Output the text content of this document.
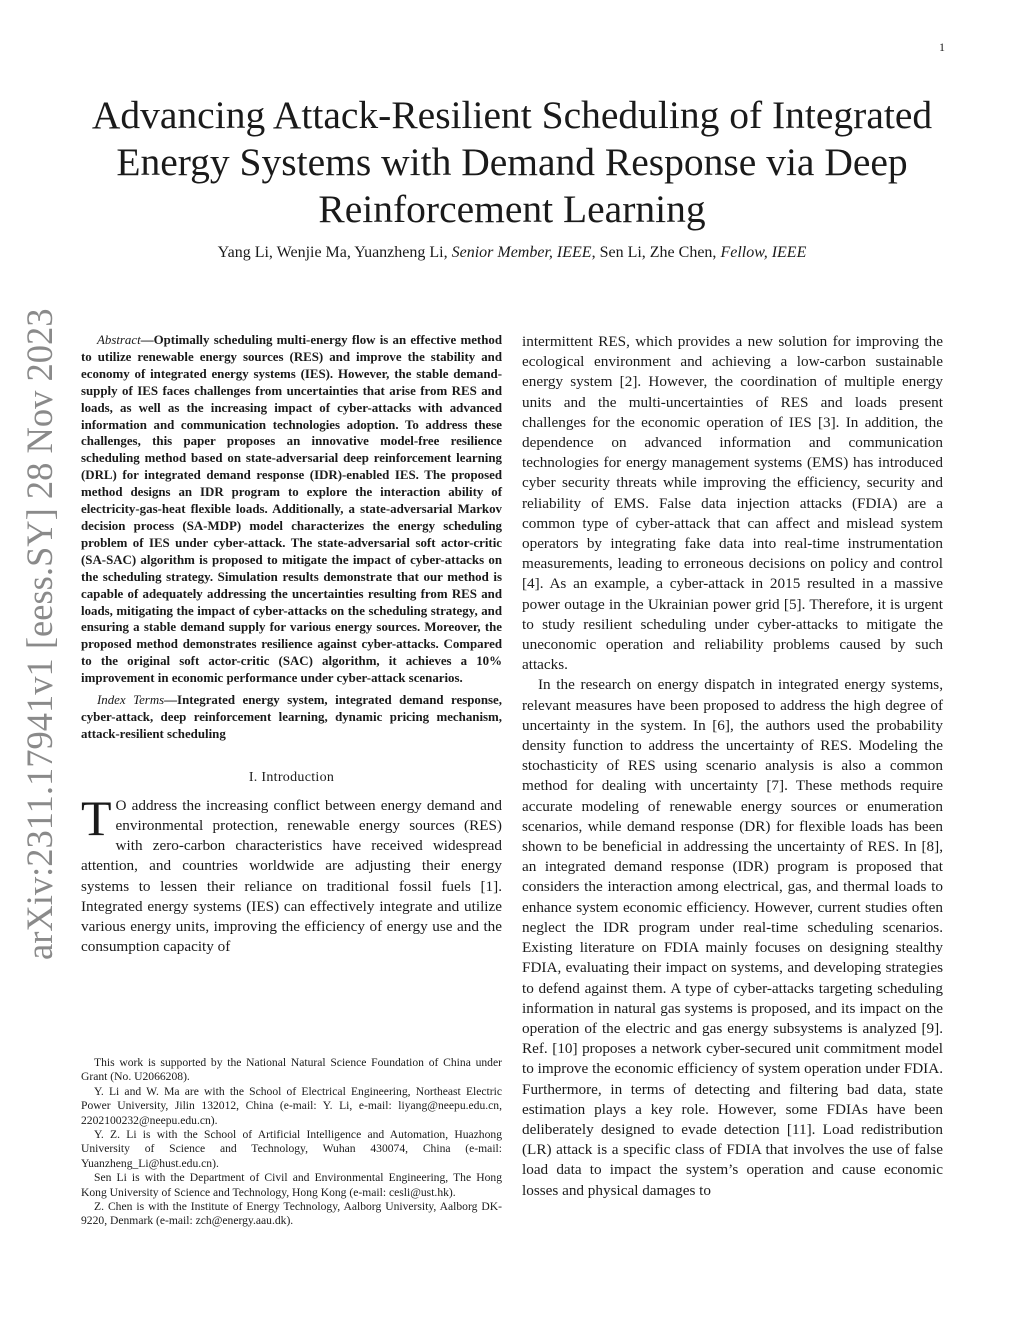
1
Advancing Attack-Resilient Scheduling of Integrated Energy Systems with Demand Response via Deep Reinforcement Learning
Yang Li, Wenjie Ma, Yuanzheng Li, Senior Member, IEEE, Sen Li, Zhe Chen, Fellow, IEEE
arXiv:2311.17941v1 [eess.SY] 28 Nov 2023	Abstract—Optimally scheduling multi-energy flow is an effective method to utilize renewable energy sources (RES) and improve the stability and economy of integrated energy systems (IES). However, the stable demand-supply of IES faces challenges from uncertainties that arise from RES and loads, as well as the increasing impact of cyber-attacks with advanced information and communication technologies adoption. To address these challenges, this paper proposes an innovative model-free resilience scheduling method based on state-adversarial deep reinforcement learning (DRL) for integrated demand response (IDR)-enabled IES. The proposed method designs an IDR program to explore the interaction ability of electricity-gas-heat flexible loads. Additionally, a state-adversarial Markov decision process (SA-MDP) model characterizes the energy scheduling problem of IES under cyber-attack. The state-adversarial soft actor-critic (SA-SAC) algorithm is proposed to mitigate the impact of cyber-attacks on the scheduling strategy. Simulation results demonstrate that our method is capable of adequately addressing the uncertainties resulting from RES and loads, mitigating the impact of cyber-attacks on the scheduling strategy, and ensuring a stable demand supply for various energy sources. Moreover, the proposed method demonstrates resilience against cyber-attacks. Compared to the original soft actor-critic (SAC) algorithm, it achieves a 10% improvement in economic performance under cyber-attack scenarios.

Index Terms—Integrated energy system, integrated demand response, cyber-attack, deep reinforcement learning, dynamic pricing mechanism, attack-resilient scheduling

I. Introduction

T O address the increasing conflict between energy demand and environmental protection, renewable energy sources (RES) with zero-carbon characteristics have received widespread attention, and countries worldwide are adjusting their energy systems to lessen their reliance on traditional fossil fuels [1]. Integrated energy systems (IES) can effectively integrate and utilize various energy units, improving the efficiency of energy use and the consumption capacity of

This work is supported by the National Natural Science Foundation of China under Grant (No. U2066208).

Y. Li and W. Ma are with the School of Electrical Engineering, Northeast Electric Power University, Jilin 132012, China (e-mail: Y. Li, e-mail: liyang@neepu.edu.cn, 2202100232@neepu.edu.cn).

Y. Z. Li is with the School of Artificial Intelligence and Automation, Huazhong University of Science and Technology, Wuhan 430074, China (e-mail: Yuanzheng_Li@hust.edu.cn).

Sen Li is with the Department of Civil and Environmental Engineering, The Hong Kong University of Science and Technology, Hong Kong (e-mail: cesli@ust.hk).

Z. Chen is with the Institute of Energy Technology, Aalborg University, Aalborg DK-9220, Denmark (e-mail: zch@energy.aau.dk).

intermittent RES, which provides a new solution for improving the ecological environment and achieving a low-carbon sustainable energy system [2]. However, the coordination of multiple energy units and the multi-uncertainties of RES and loads present challenges for the economic operation of IES [3]. In addition, the dependence on advanced information and communication technologies for energy management systems (EMS) has introduced cyber security threats while improving the efficiency, security and reliability of EMS. False data injection attacks (FDIA) are a common type of cyber-attack that can affect and mislead system operators by integrating fake data into real-time instrumentation measurements, leading to erroneous decisions on policy and control [4]. As an example, a cyber-attack in 2015 resulted in a massive power outage in the Ukrainian power grid [5]. Therefore, it is urgent to study resilient scheduling under cyber-attacks to mitigate the uneconomic operation and reliability problems caused by such attacks.

In the research on energy dispatch in integrated energy systems, relevant measures have been proposed to address the high degree of uncertainty in the system. In [6], the authors used the probability density function to address the uncertainty of RES. Modeling the stochasticity of RES using scenario analysis is also a common method for dealing with uncertainty [7]. These methods require accurate modeling of renewable energy sources or enumeration scenarios, while demand response (DR) for flexible loads has been shown to be beneficial in addressing the uncertainty of RES. In [8], an integrated demand response (IDR) program is proposed that considers the interaction among electrical, gas, and thermal loads to enhance system economic efficiency. However, current studies often neglect the IDR program under real-time scheduling scenarios. Existing literature on FDIA mainly focuses on designing stealthy FDIA, evaluating their impact on systems, and developing strategies to defend against them. A type of cyber-attacks targeting scheduling information in natural gas systems is proposed, and its impact on the operation of the electric and gas energy subsystems is analyzed [9]. Ref. [10] proposes a network cyber-secured unit commitment model to improve the economic efficiency of system operation under FDIA. Furthermore, in terms of detecting and filtering bad data, state estimation plays a key role. However, some FDIAs have been deliberately designed to evade detection [11]. Load redistribution (LR) attack is a specific class of FDIA that involves the use of false load data to impact the system’s operation and cause economic losses and physical damages to
